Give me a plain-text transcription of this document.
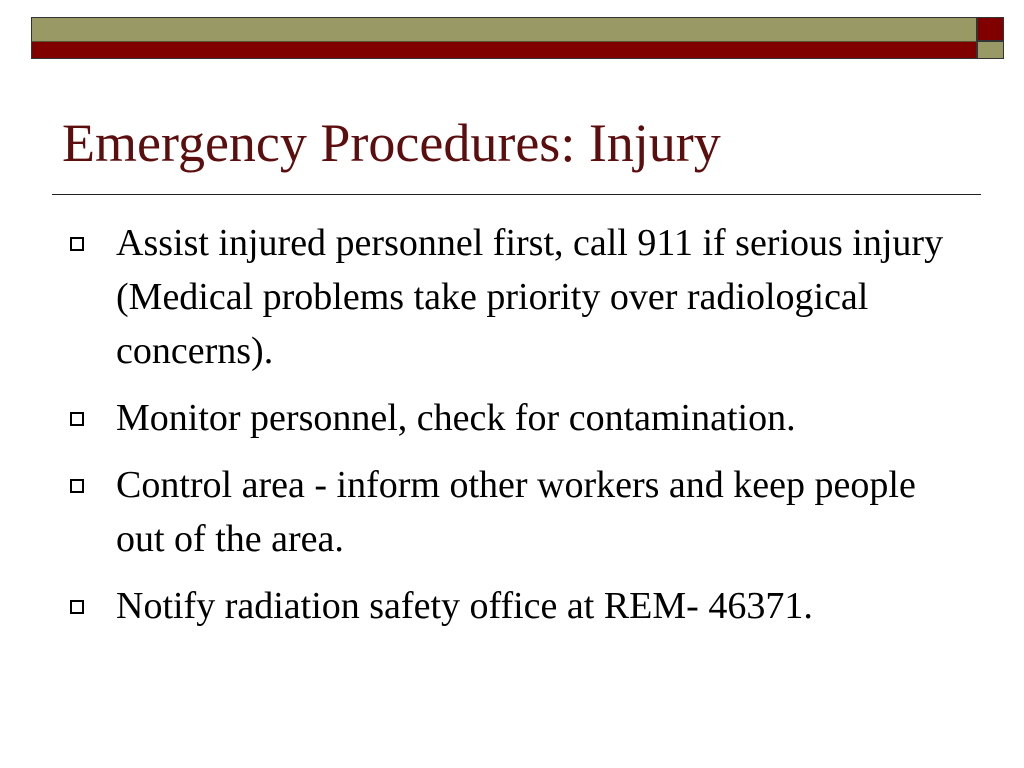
Emergency Procedures: Injury
Assist injured personnel first, call 911 if serious injury (Medical problems take priority over radiological concerns).
Monitor personnel, check for contamination.
Control area - inform other workers and keep people out of the area.
Notify radiation safety office at REM- 46371.
